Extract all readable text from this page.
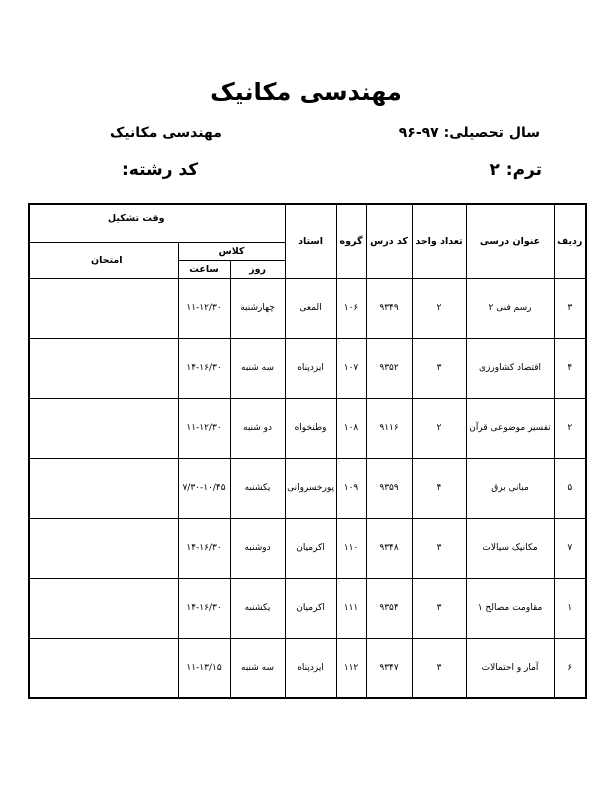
مهندسی مکانیک
سال تحصیلی: ۹۷-۹۶
مهندسی مکانیک
ترم: ۲
کد رشته:
ردیف	عنوان درسی	تعداد واحد	کد درس	گروه	استاد	وقت تشکیل		
						کلاس		امتحان
						روز	ساعت	
۳	رسم فنی ۲	۲	۹۳۴۹	۱۰۶	المعی	چهارشنبه	۱۱-۱۲/۳۰	
۴	اقتصاد کشاورزی	۳	۹۳۵۲	۱۰۷	ایزدپناه	سه شنبه	۱۴-۱۶/۳۰	
۲	تفسیر موضوعی قرآن	۲	۹۱۱۶	۱۰۸	وطنخواه	دو شنبه	۱۱-۱۲/۳۰	
۵	مبانی برق	۴	۹۳۵۹	۱۰۹	پورخسروانی	یکشنبه	۷/۳۰-۱۰/۴۵	
۷	مکانیک سیالات	۳	۹۳۴۸	۱۱۰	اکرمیان	دوشنبه	۱۴-۱۶/۳۰	
۱	مقاومت مصالح ۱	۳	۹۳۵۴	۱۱۱	اکرمیان	یکشنبه	۱۴-۱۶/۳۰	
۶	آمار و احتمالات	۳	۹۳۴۷	۱۱۲	ایزدپناه	سه شنبه	۱۱-۱۳/۱۵	
